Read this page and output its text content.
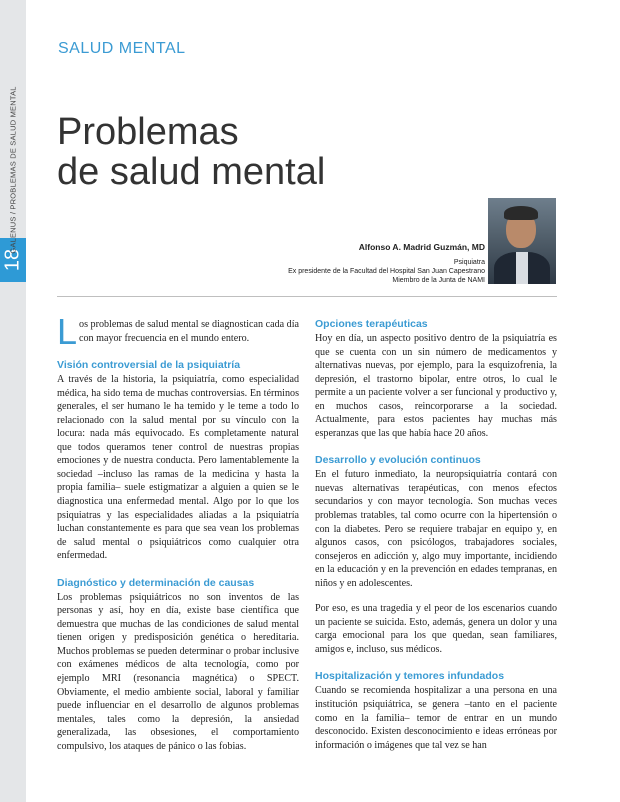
18
GALENUS / PROBLEMAS DE SALUD MENTAL
SALUD MENTAL
Problemas
de salud mental
Alfonso A. Madrid Guzmán, MD
Psiquiatra
Ex presidente de la Facultad del Hospital San Juan Capestrano
Miembro de la Junta de NAMI

Los problemas de salud mental se diagnostican cada día con mayor frecuencia en el mundo entero.

Visión controversial de la psiquiatría

A través de la historia, la psiquiatría, como especialidad médica, ha sido tema de muchas controversias. En términos generales, el ser humano le ha temido y le teme a todo lo relacionado con la salud mental por su vínculo con la locura: nada más equivocado. Es completamente natural que todos queramos tener control de nuestras propias emociones y de nuestra conducta. Pero lamentablemente la sociedad –incluso las ramas de la medicina y hasta la propia familia– suele estigmatizar a alguien a quien se le diagnostica una enfermedad mental. Algo por lo que los psiquiatras y las especialidades aliadas a la psiquiatría luchan constantemente es para que sea vean los problemas de salud mental o psiquiátricos como cualquier otra enfermedad.

Diagnóstico y determinación de causas

Los problemas psiquiátricos no son inventos de las personas y así, hoy en día, existe base científica que demuestra que muchas de las condiciones de salud mental tienen origen y predisposición genética o hereditaria. Muchos problemas se pueden determinar o probar inclusive con exámenes médicos de alta tecnología, como por ejemplo MRI (resonancia magnética) o SPECT. Obviamente, el medio ambiente social, laboral y familiar puede influenciar en el desarrollo de algunos problemas mentales, tales como la depresión, la ansiedad generalizada, las obsesiones, el comportamiento compulsivo, los ataques de pánico o las fobias.

Opciones terapéuticas

Hoy en día, un aspecto positivo dentro de la psiquiatría es que se cuenta con un sin número de medicamentos y alternativas nuevas, por ejemplo, para la esquizofrenia, la depresión, el trastorno bipolar, entre otros, lo cual le permite a un paciente volver a ser funcional y productivo y, en muchos casos, reincorporarse a la sociedad. Actualmente, para estos pacientes hay muchas más esperanzas que las que había hace 20 años.

Desarrollo y evolución continuos

En el futuro inmediato, la neuropsiquiatría contará con nuevas alternativas terapéuticas, con menos efectos secundarios y con mayor tecnología. Son muchas veces problemas tratables, tal como ocurre con la hipertensión o con la diabetes. Pero se requiere trabajar en equipo y, en algunos casos, con psicólogos, trabajadores sociales, consejeros en adicción y, algo muy importante, incidiendo en la educación y en la prevención en edades tempranas, en niños y en adolescentes.

Por eso, es una tragedia y el peor de los escenarios cuando un paciente se suicida. Esto, además, genera un dolor y una carga emocional para los que quedan, sean familiares, amigos e, incluso, sus médicos.

Hospitalización y temores infundados

Cuando se recomienda hospitalizar a una persona en una institución psiquiátrica, se genera –tanto en el paciente como en la familia– temor de entrar en un mundo desconocido. Existen desconocimiento e ideas erróneas por información o imágenes que tal vez se han
